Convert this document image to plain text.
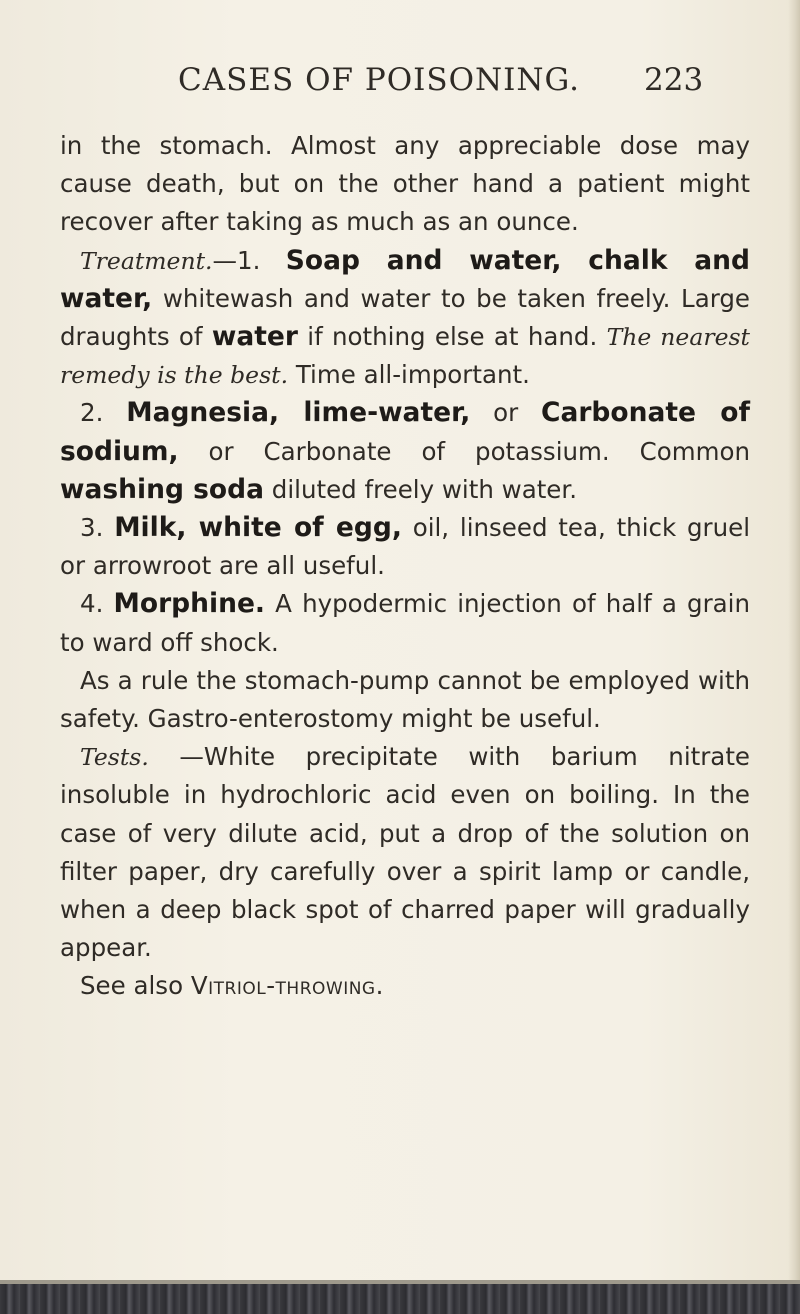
CASES OF POISONING. 223

in the stomach. Almost any appreciable dose may cause death, but on the other hand a patient might recover after taking as much as an ounce.

Treatment.—1. Soap and water, chalk and water, whitewash and water to be taken freely. Large draughts of water if nothing else at hand. The nearest remedy is the best. Time all-important.

2. Magnesia, lime-water, or Carbonate of sodium, or Carbonate of potassium. Common washing soda diluted freely with water.

3. Milk, white of egg, oil, linseed tea, thick gruel or arrowroot are all useful.

4. Morphine. A hypodermic injection of half a grain to ward off shock.

As a rule the stomach-pump cannot be employed with safety. Gastro-enterostomy might be useful.

Tests. —White precipitate with barium nitrate insoluble in hydrochloric acid even on boiling. In the case of very dilute acid, put a drop of the solution on filter paper, dry carefully over a spirit lamp or candle, when a deep black spot of charred paper will gradually appear.

See also Vitriol-throwing.
